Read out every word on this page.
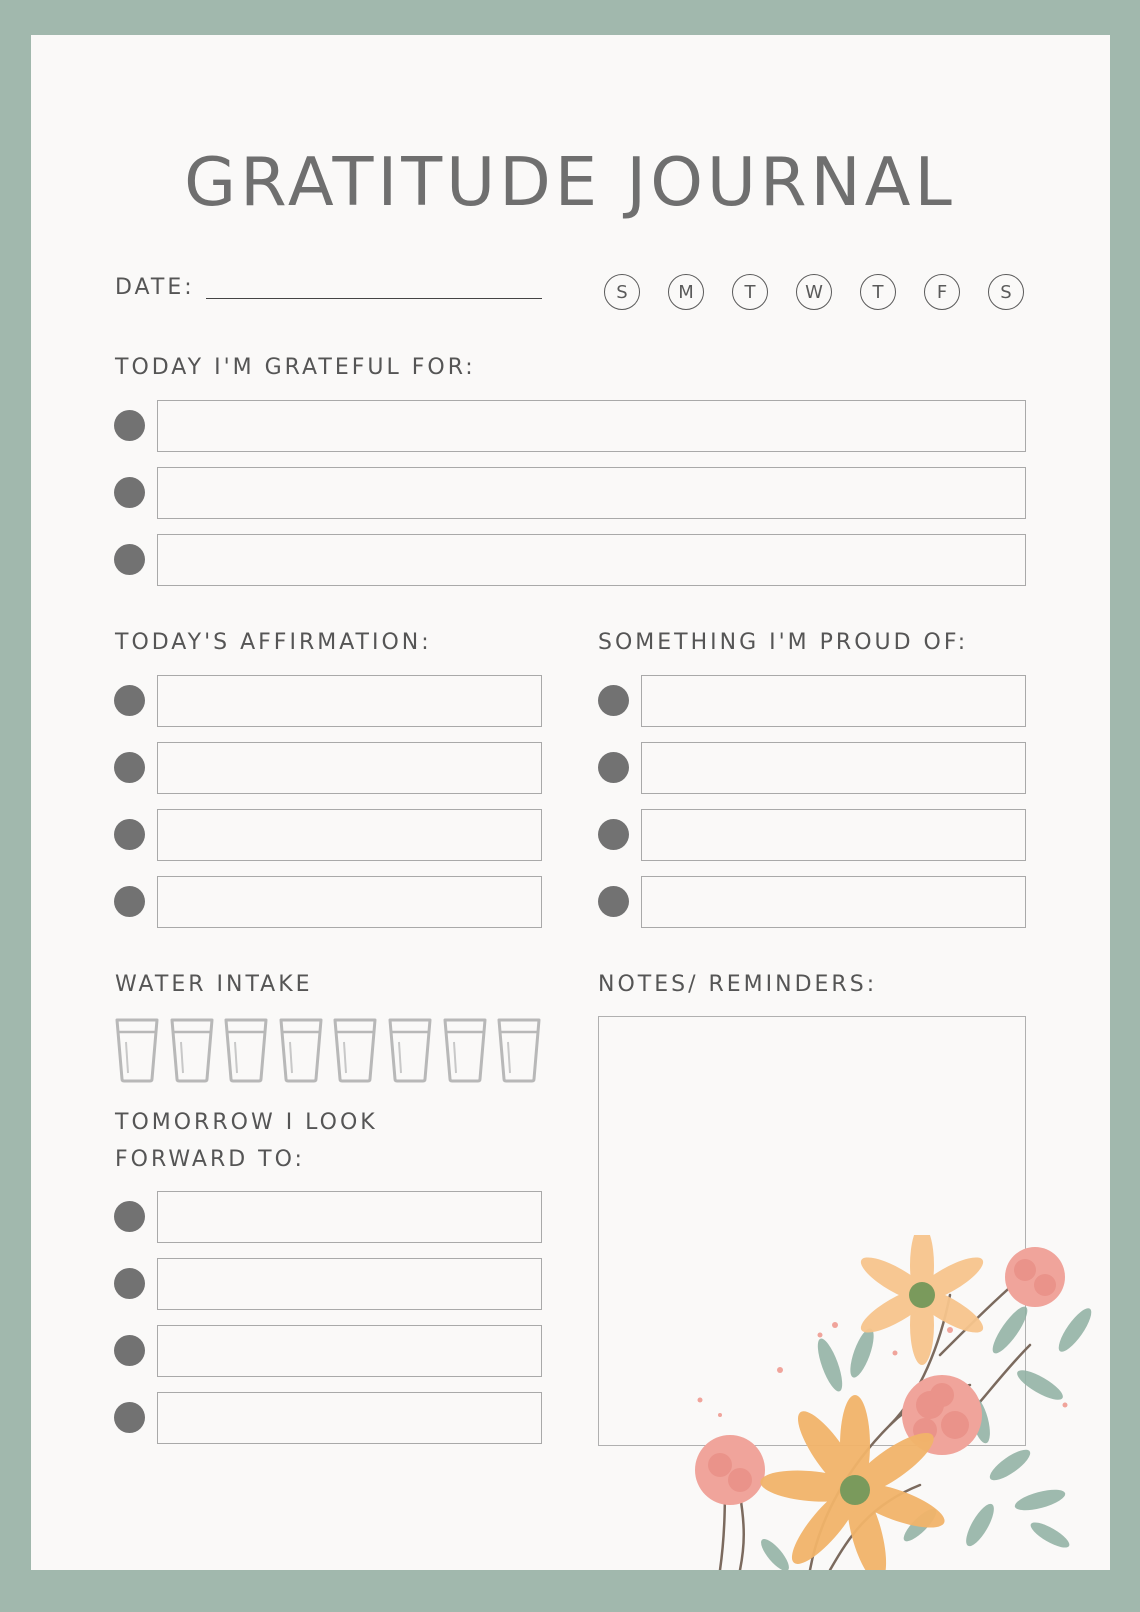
GRATITUDE JOURNAL
DATE:	S	M	T	W	T	F	S
TODAY I'M GRATEFUL FOR:
TODAY'S AFFIRMATION:	SOMETHING I'M PROUD OF:
WATER INTAKE
TOMORROW I LOOK
FORWARD TO:
NOTES/ REMINDERS:
